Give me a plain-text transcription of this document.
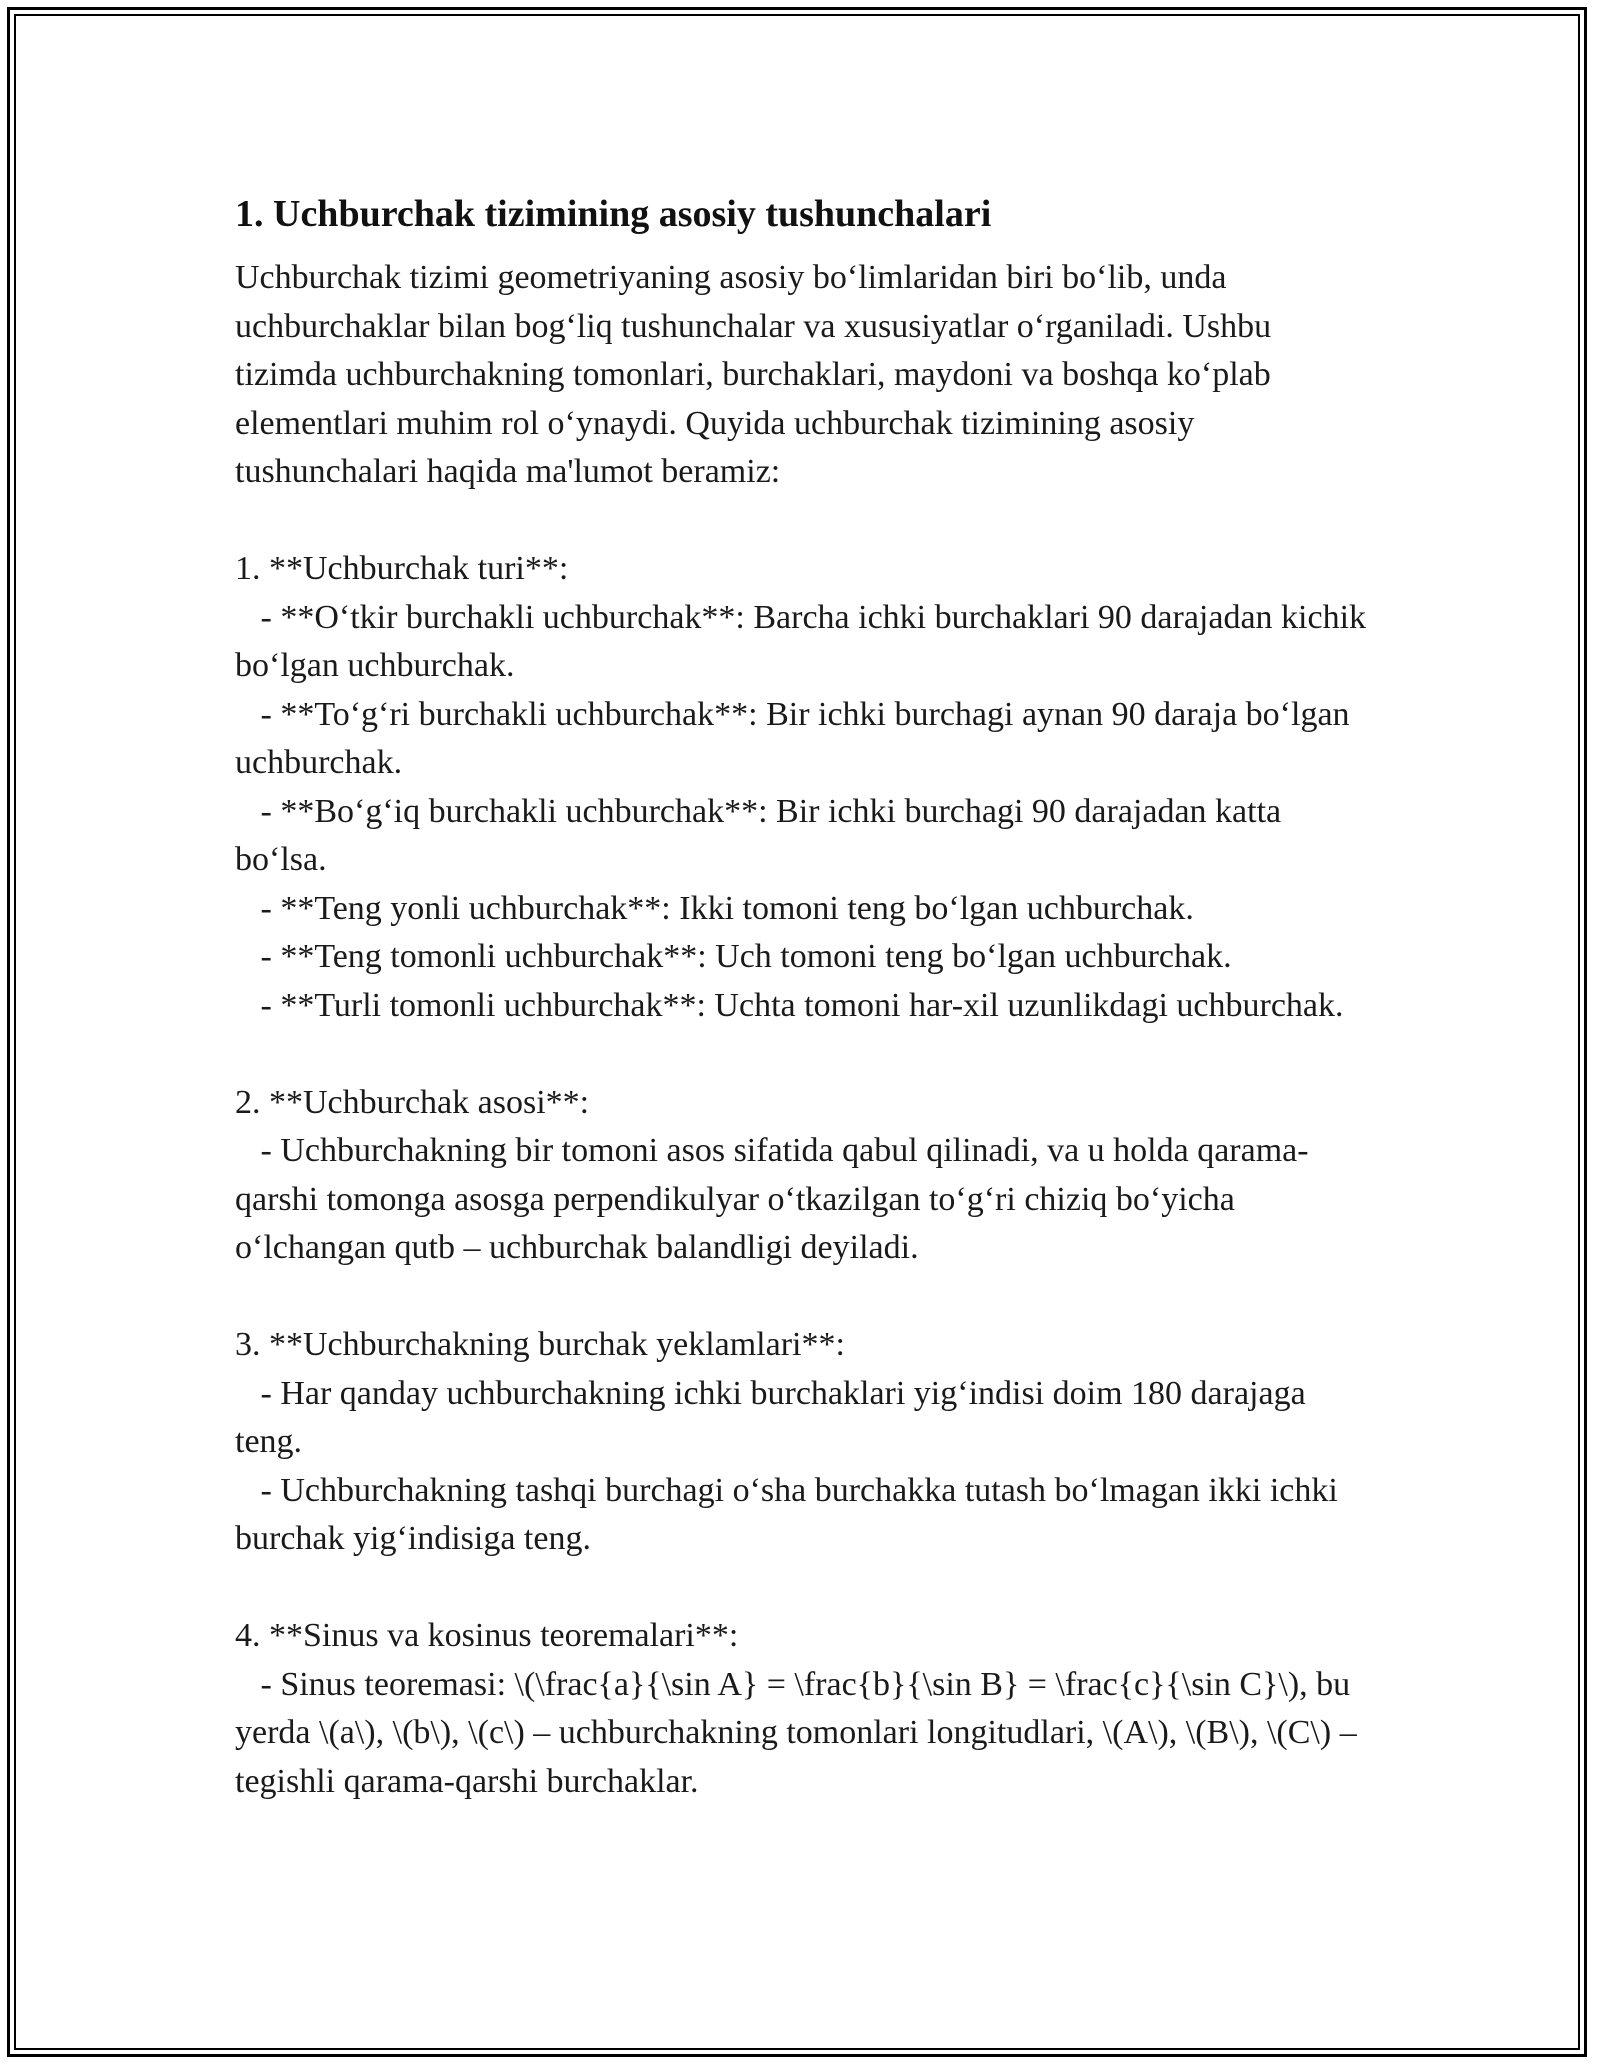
1. Uchburchak tizimining asosiy tushunchalari

Uchburchak tizimi geometriyaning asosiy bo‘limlaridan biri bo‘lib, unda uchburchaklar bilan bog‘liq tushunchalar va xususiyatlar o‘rganiladi. Ushbu tizimda uchburchakning tomonlari, burchaklari, maydoni va boshqa ko‘plab elementlari muhim rol o‘ynaydi. Quyida uchburchak tizimining asosiy tushunchalari haqida ma'lumot beramiz:

1. **Uchburchak turi**:

- **O‘tkir burchakli uchburchak**: Barcha ichki burchaklari 90 darajadan kichik bo‘lgan uchburchak.

- **To‘g‘ri burchakli uchburchak**: Bir ichki burchagi aynan 90 daraja bo‘lgan uchburchak.

- **Bo‘g‘iq burchakli uchburchak**: Bir ichki burchagi 90 darajadan katta bo‘lsa.

- **Teng yonli uchburchak**: Ikki tomoni teng bo‘lgan uchburchak.

- **Teng tomonli uchburchak**: Uch tomoni teng bo‘lgan uchburchak.

- **Turli tomonli uchburchak**: Uchta tomoni har-xil uzunlikdagi uchburchak.

2. **Uchburchak asosi**:

- Uchburchakning bir tomoni asos sifatida qabul qilinadi, va u holda qarama-qarshi tomonga asosga perpendikulyar o‘tkazilgan to‘g‘ri chiziq bo‘yicha o‘lchangan qutb – uchburchak balandligi deyiladi.

3. **Uchburchakning burchak yeklamlari**:

- Har qanday uchburchakning ichki burchaklari yig‘indisi doim 180 darajaga teng.

- Uchburchakning tashqi burchagi o‘sha burchakka tutash bo‘lmagan ikki ichki burchak yig‘indisiga teng.

4. **Sinus va kosinus teoremalari**:

- Sinus teoremasi: \(\frac{a}{\sin A} = \frac{b}{\sin B} = \frac{c}{\sin C}\), bu yerda \(a\), \(b\), \(c\) – uchburchakning tomonlari longitudlari, \(A\), \(B\), \(C\) – tegishli qarama-qarshi burchaklar.
